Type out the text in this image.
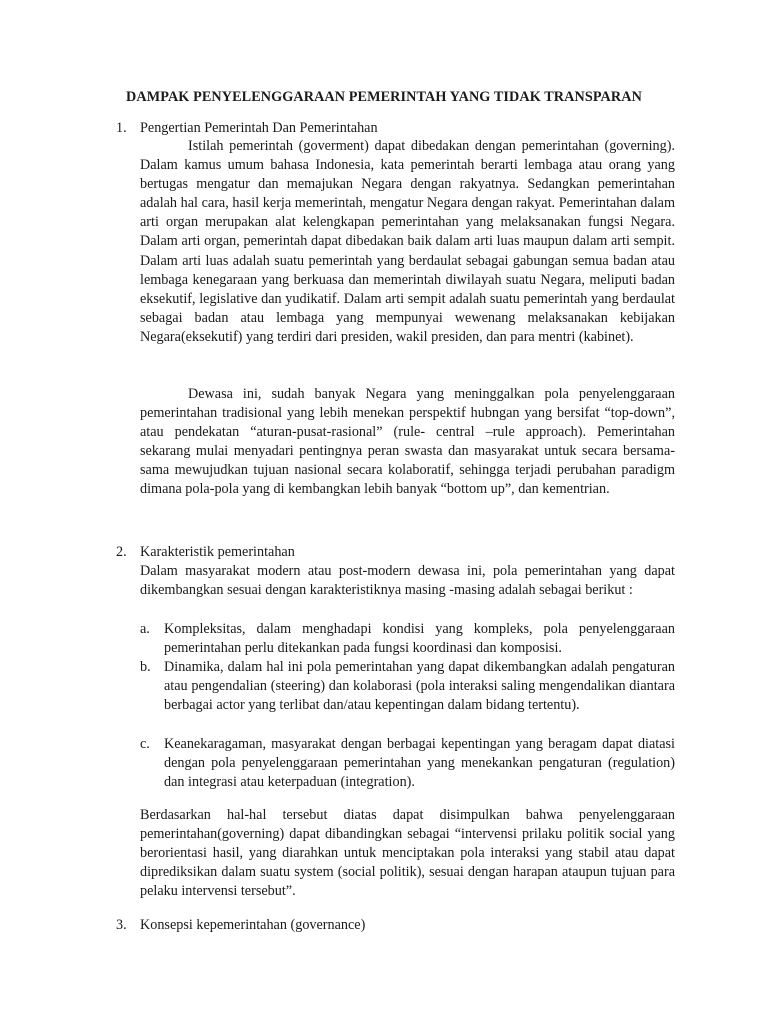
DAMPAK PENYELENGGARAAN PEMERINTAH YANG TIDAK TRANSPARAN
1. Pengertian Pemerintah Dan Pemerintahan

Istilah pemerintah (goverment) dapat dibedakan dengan pemerintahan (governing). Dalam kamus umum bahasa Indonesia, kata pemerintah berarti lembaga atau orang yang bertugas mengatur dan memajukan Negara dengan rakyatnya. Sedangkan pemerintahan adalah hal cara, hasil kerja memerintah, mengatur Negara dengan rakyat. Pemerintahan dalam arti organ merupakan alat kelengkapan pemerintahan yang melaksanakan fungsi Negara. Dalam arti organ, pemerintah dapat dibedakan baik dalam arti luas maupun dalam arti sempit. Dalam arti luas adalah suatu pemerintah yang berdaulat sebagai gabungan semua badan atau lembaga kenegaraan yang berkuasa dan memerintah diwilayah suatu Negara, meliputi badan eksekutif, legislative dan yudikatif. Dalam arti sempit adalah suatu pemerintah yang berdaulat sebagai badan atau lembaga yang mempunyai wewenang melaksanakan kebijakan Negara(eksekutif) yang terdiri dari presiden, wakil presiden, dan para mentri (kabinet).

Dewasa ini, sudah banyak Negara yang meninggalkan pola penyelenggaraan pemerintahan tradisional yang lebih menekan perspektif hubngan yang bersifat “top-down”, atau pendekatan “aturan-pusat-rasional” (rule- central –rule approach). Pemerintahan sekarang mulai menyadari pentingnya peran swasta dan masyarakat untuk secara bersama-sama mewujudkan tujuan nasional secara kolaboratif, sehingga terjadi perubahan paradigm dimana pola-pola yang di kembangkan lebih banyak “bottom up”, dan kementrian.

2. Karakteristik pemerintahan

Dalam masyarakat modern atau post-modern dewasa ini, pola pemerintahan yang dapat dikembangkan sesuai dengan karakteristiknya masing -masing adalah sebagai berikut :

a. Kompleksitas, dalam menghadapi kondisi yang kompleks, pola penyelenggaraan pemerintahan perlu ditekankan pada fungsi koordinasi dan komposisi.
b. Dinamika, dalam hal ini pola pemerintahan yang dapat dikembangkan adalah pengaturan atau pengendalian (steering) dan kolaborasi (pola interaksi saling mengendalikan diantara berbagai actor yang terlibat dan/atau kepentingan dalam bidang tertentu).
c. Keanekaragaman, masyarakat dengan berbagai kepentingan yang beragam dapat diatasi dengan pola penyelenggaraan pemerintahan yang menekankan pengaturan (regulation) dan integrasi atau keterpaduan (integration).

Berdasarkan hal-hal tersebut diatas dapat disimpulkan bahwa penyelenggaraan pemerintahan(governing) dapat dibandingkan sebagai “intervensi prilaku politik social yang berorientasi hasil, yang diarahkan untuk menciptakan pola interaksi yang stabil atau dapat diprediksikan dalam suatu system (social politik), sesuai dengan harapan ataupun tujuan para pelaku intervensi tersebut”.

3. Konsepsi kepemerintahan (governance)
